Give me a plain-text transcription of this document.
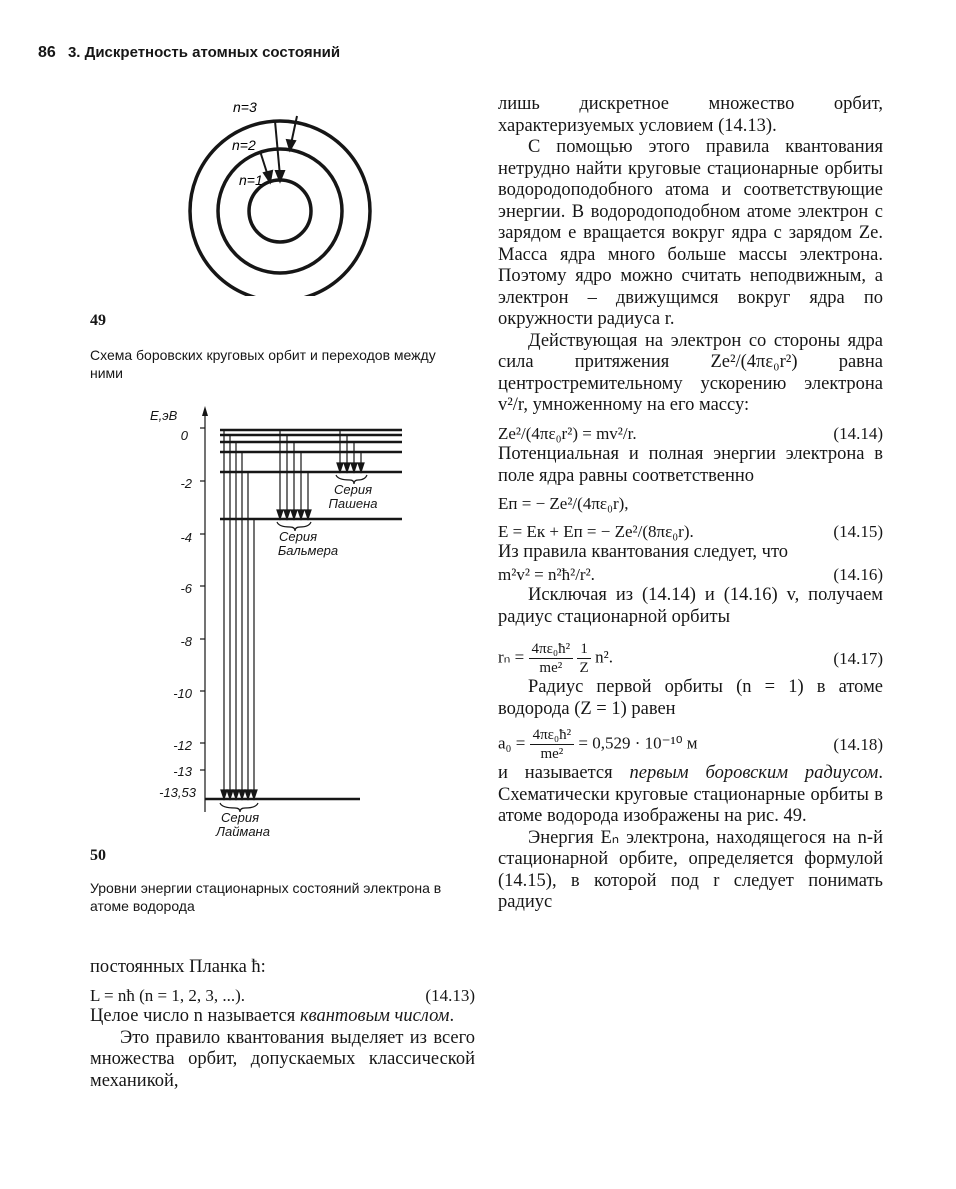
86 3. Дискретность атомных состояний
n=3
n=2
n=1
49
Схема боровских круговых орбит и переходов между ними
E,эВ
0
-2
-4
-6
-8
-10
-12
-13
-13,53
Серия
Пашена
Серия
Бальмера
Серия
Лаймана
50
Уровни энергии стационарных состояний электрона в атоме водорода

постоянных Планка ħ:

L = nħ (n = 1, 2, 3, ...).	(14.13)

Целое число n называется квантовым числом.

Это правило квантования выделяет из всего множества орбит, допускаемых классической механикой,

лишь дискретное множество орбит, характеризуемых условием (14.13).

С помощью этого правила квантования нетрудно найти круговые стационарные орбиты водородоподобного атома и соответствующие энергии. В водородоподобном атоме электрон с зарядом e вращается вокруг ядра с зарядом Ze. Масса ядра много больше массы электрона. Поэтому ядро можно считать неподвижным, а электрон – движущимся вокруг ядра по окружности радиуса r.

Действующая на электрон со стороны ядра сила притяжения Ze²/(4πε₀r²) равна центростремительному ускорению электрона v²/r, умноженному на его массу:

Ze²/(4πε₀r²) = mv²/r.	(14.14)

Потенциальная и полная энергии электрона в поле ядра равны соответственно

Eп = − Ze²/(4πε₀r),
E = Eк + Eп = − Ze²/(8πε₀r).	(14.15)

Из правила квантования следует, что

m²v² = n²ħ²/r².	(14.16)

Исключая из (14.14) и (14.16) v, получаем радиус стационарной орбиты

$r_n = \frac{\text{4πε₀ħ²}}{\text{me²}}$
$\frac{1}{Z} n^2$.	(14.17)

Радиус первой орбиты (n = 1) в атоме водорода (Z = 1) равен

$a_0 = \frac{\text{4πε₀ħ²}}{\text{me²}} = 0,529 \cdot 10^{-10}$ м	(14.18)

и называется первым боровским радиусом. Схематически круговые стационарные орбиты в атоме водорода изображены на рис. 49.

Энергия Eₙ электрона, находящегося на n-й стационарной орбите, определяется формулой (14.15), в которой под r следует понимать радиус
